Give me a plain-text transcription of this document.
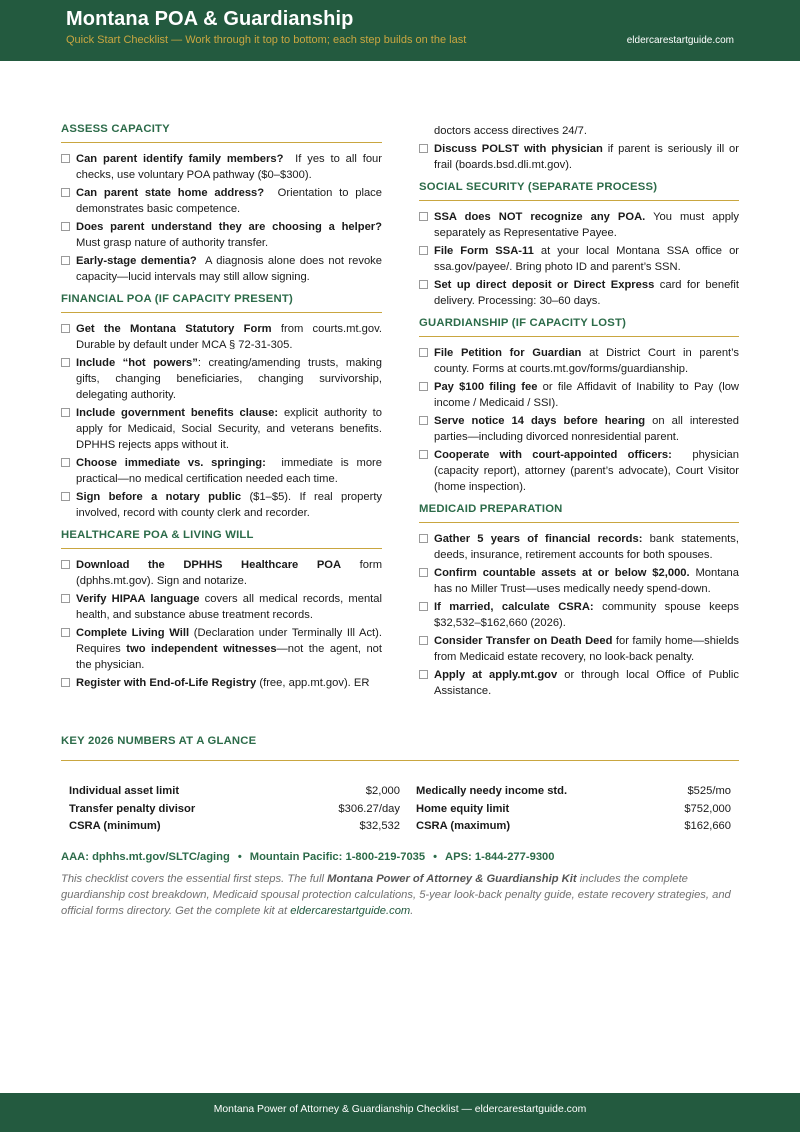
Montana POA & Guardianship
Quick Start Checklist — Work through it top to bottom; each step builds on the last	eldercarestartguide.com
ASSESS CAPACITY
Can parent identify family members? If yes to all four checks, use voluntary POA pathway ($0–$300).
Can parent state home address? Orientation to place demonstrates basic competence.
Does parent understand they are choosing a helper? Must grasp nature of authority transfer.
Early-stage dementia? A diagnosis alone does not revoke capacity—lucid intervals may still allow signing.
FINANCIAL POA (IF CAPACITY PRESENT)
Get the Montana Statutory Form from courts.mt.gov. Durable by default under MCA § 72-31-305.
Include “hot powers”: creating/amending trusts, making gifts, changing beneficiaries, changing survivorship, delegating authority.
Include government benefits clause: explicit authority to apply for Medicaid, Social Security, and veterans benefits. DPHHS rejects apps without it.
Choose immediate vs. springing: immediate is more practical—no medical certification needed each time.
Sign before a notary public ($1–$5). If real property involved, record with county clerk and recorder.
HEALTHCARE POA & LIVING WILL
Download the DPHHS Healthcare POA form (dphhs.mt.gov). Sign and notarize.
Verify HIPAA language covers all medical records, mental health, and substance abuse treatment records.
Complete Living Will (Declaration under Terminally Ill Act). Requires two independent witnesses—not the agent, not the physician.
Register with End-of-Life Registry (free, app.mt.gov). ER
doctors access directives 24/7.
Discuss POLST with physician if parent is seriously ill or frail (boards.bsd.dli.mt.gov).
SOCIAL SECURITY (SEPARATE PROCESS)
SSA does NOT recognize any POA. You must apply separately as Representative Payee.
File Form SSA-11 at your local Montana SSA office or ssa.gov/payee/. Bring photo ID and parent’s SSN.
Set up direct deposit or Direct Express card for benefit delivery. Processing: 30–60 days.
GUARDIANSHIP (IF CAPACITY LOST)
File Petition for Guardian at District Court in parent’s county. Forms at courts.mt.gov/forms/guardianship.
Pay $100 filing fee or file Affidavit of Inability to Pay (low income / Medicaid / SSI).
Serve notice 14 days before hearing on all interested parties—including divorced nonresidential parent.
Cooperate with court-appointed officers: physician (capacity report), attorney (parent’s advocate), Court Visitor (home inspection).
MEDICAID PREPARATION
Gather 5 years of financial records: bank statements, deeds, insurance, retirement accounts for both spouses.
Confirm countable assets at or below $2,000. Montana has no Miller Trust—uses medically needy spend-down.
If married, calculate CSRA: community spouse keeps $32,532–$162,660 (2026).
Consider Transfer on Death Deed for family home—shields from Medicaid estate recovery, no look-back penalty.
Apply at apply.mt.gov or through local Office of Public Assistance.
KEY 2026 NUMBERS AT A GLANCE
Individual asset limit	$2,000 Medically needy income std.	$525/mo
Transfer penalty divisor	$306.27/day Home equity limit	$752,000
CSRA (minimum)	$32,532 CSRA (maximum)	$162,660
AAA: dphhs.mt.gov/SLTC/aging • Mountain Pacific: 1-800-219-7035 • APS: 1-844-277-9300
This checklist covers the essential first steps. The full Montana Power of Attorney & Guardianship Kit includes the complete guardianship cost breakdown, Medicaid spousal protection calculations, 5-year look-back penalty guide, estate recovery strategies, and official forms directory. Get the complete kit at eldercarestartguide.com.
Montana Power of Attorney & Guardianship Checklist — eldercarestartguide.com
